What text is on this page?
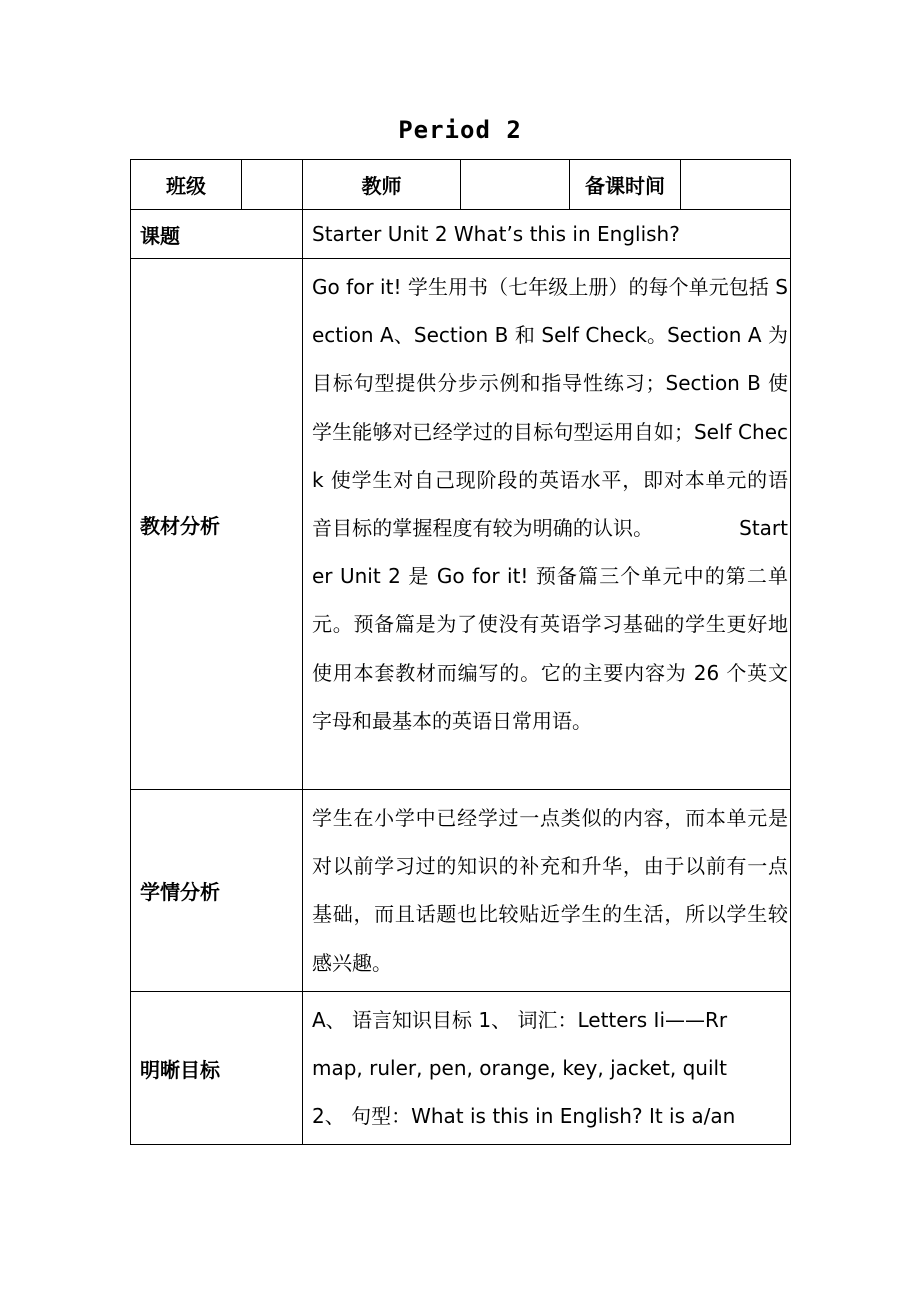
Period 2
班级		教师		备课时间	
课题		Starter Unit 2 What’s this in English?			
教材分析		Go for it! 学生用书（七年级上册）的每个单元包括 Section A、Section B 和 Self Check。Section A 为目标句型提供分步示例和指导性练习；Section B 使学生能够对已经学过的目标句型运用自如；Self Check 使学生对自己现阶段的英语水平，即对本单元的语音目标的掌握程度有较为明确的认识。 Starter Unit 2 是 Go for it! 预备篇三个单元中的第二单元。预备篇是为了使没有英语学习基础的学生更好地使用本套教材而编写的。它的主要内容为 26 个英文字母和最基本的英语日常用语。			
学情分析		学生在小学中已经学过一点类似的内容，而本单元是对以前学习过的知识的补充和升华，由于以前有一点基础，而且话题也比较贴近学生的生活，所以学生较感兴趣。			
明晰目标		A、 语言知识目标 1、 词汇：Letters Ii——Rr
map, ruler, pen, orange, key, jacket, quilt
2、 句型：What is this in English? It is a/an			
